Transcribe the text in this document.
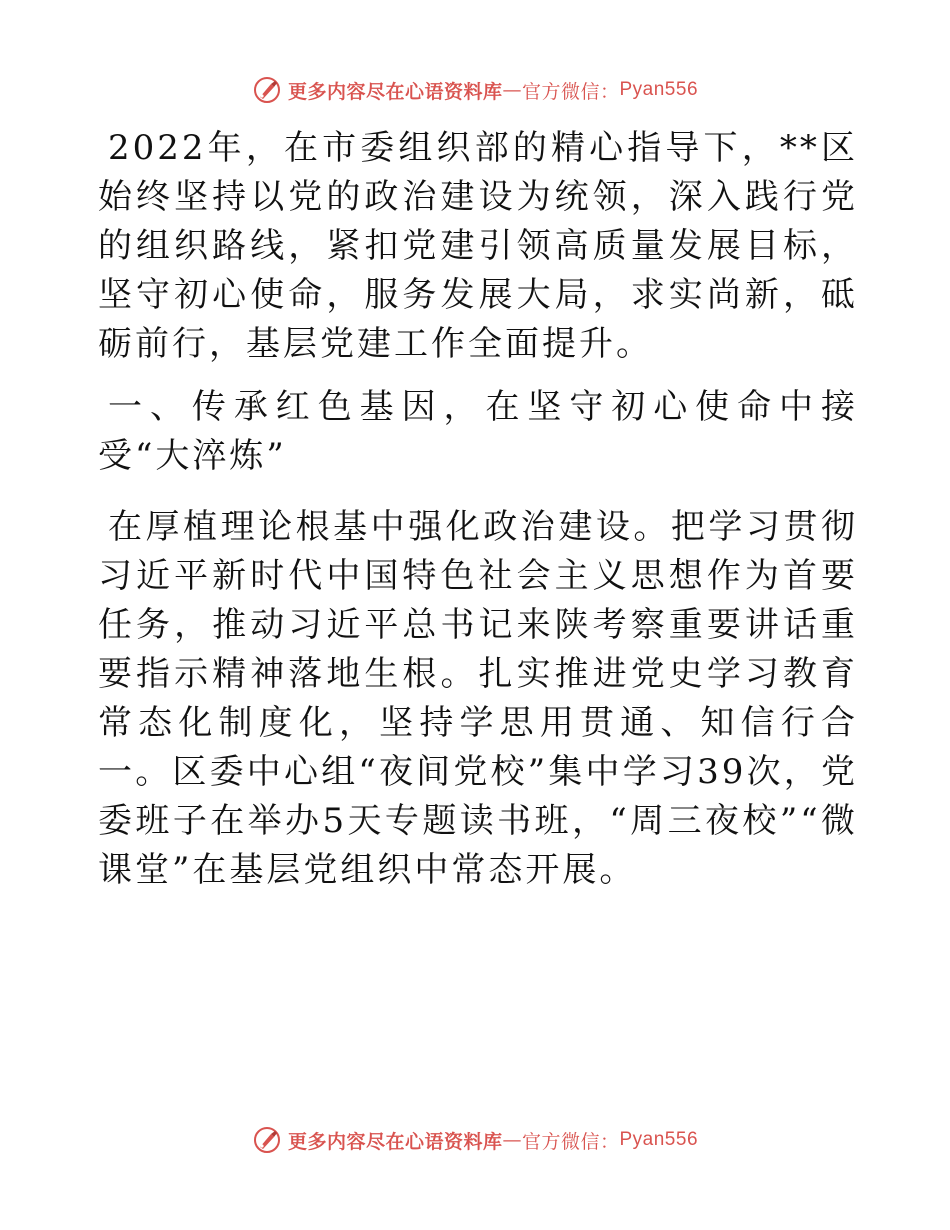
更多内容尽在心语资料库 — 官方微信： Pyan556

2022年，在市委组织部的精心指导下，**区始终坚持以党的政治建设为统领，深入践行党的组织路线，紧扣党建引领高质量发展目标，坚守初心使命，服务发展大局，求实尚新，砥砺前行，基层党建工作全面提升。

一、传承红色基因，在坚守初心使命中接受“大淬炼”

在厚植理论根基中强化政治建设。把学习贯彻习近平新时代中国特色社会主义思想作为首要任务，推动习近平总书记来陕考察重要讲话重要指示精神落地生根。扎实推进党史学习教育常态化制度化，坚持学思用贯通、知信行合一。区委中心组“夜间党校”集中学习39次，党委班子在举办5天专题读书班，“周三夜校”“微课堂”在基层党组织中常态开展。

更多内容尽在心语资料库 — 官方微信： Pyan556
